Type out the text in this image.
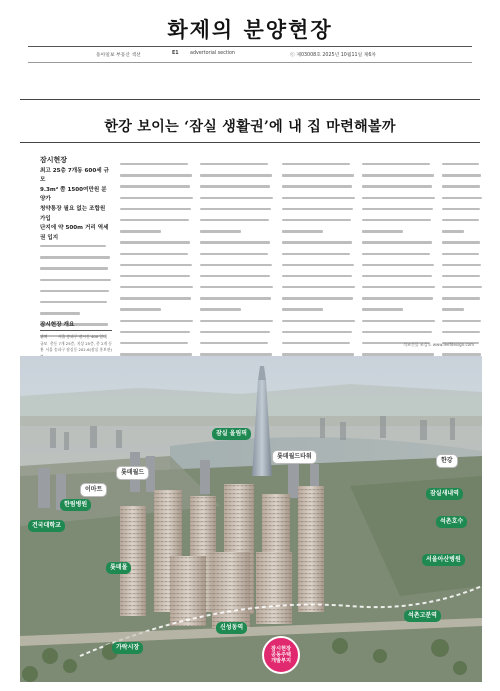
화제의 분양현장
동아일보 부동산 섹션	E1 advertorial section	ⓒ 제03008호 2025년 10월11일 제6차
한강 보이는 ‘잠실 생활권’에 내 집 마련해볼까
잠시현장
최고 25층 7개동 600세 규모
9.3m² 쯤 1500여만원 분양가
청약통장 필요 없는 조합원 가입
단지에 약 500m 거리 역세권 입지
잠시현장 개요
위치	서울 송파구 잠시동 400 일대
규모 총동 7개 25층, 지상 25층, 총 2개 동
홍 서울 송파구 잠실동 202-6(잠실 홍보관)
석조건물 조감도 www.leefdesign.com
롯데월드타워
롯데월드
이마트
한림병원
잠실 올림픽
잠실새내역
건국대학교
한강
석촌호수
서울아산병원
롯데몰
석촌고분역
신성동역
가락시장	잠시현장 공동주택 개발부지
